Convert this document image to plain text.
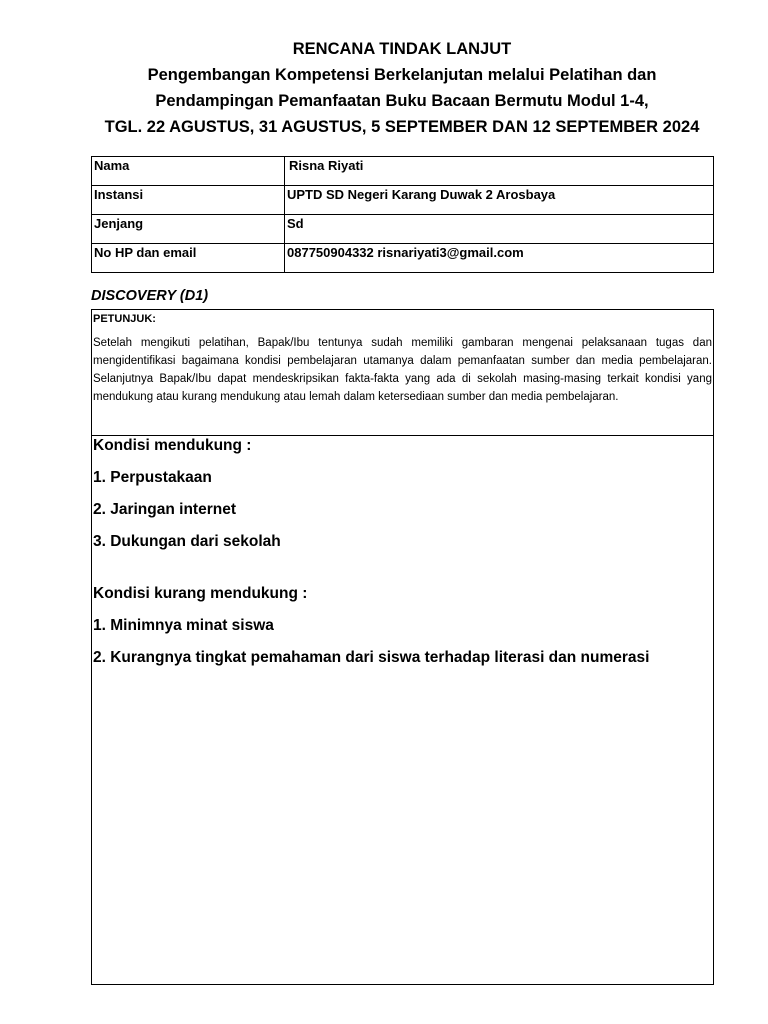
RENCANA TINDAK LANJUT
Pengembangan Kompetensi Berkelanjutan melalui Pelatihan dan
Pendampingan Pemanfaatan Buku Bacaan Bermutu Modul 1-4,
TGL. 22 AGUSTUS, 31 AGUSTUS, 5 SEPTEMBER DAN 12 SEPTEMBER 2024
Nama	Risna Riyati
Instansi	UPTD SD Negeri Karang Duwak 2 Arosbaya
Jenjang	Sd
No HP dan email	087750904332 risnariyati3@gmail.com
DISCOVERY (D1)
PETUNJUK:
Setelah mengikuti pelatihan, Bapak/Ibu tentunya sudah memiliki gambaran mengenai pelaksanaan tugas dan mengidentifikasi bagaimana kondisi pembelajaran utamanya dalam pemanfaatan sumber dan media pembelajaran. Selanjutnya Bapak/Ibu dapat mendeskripsikan fakta-fakta yang ada di sekolah masing-masing terkait kondisi yang mendukung atau kurang mendukung atau lemah dalam ketersediaan sumber dan media pembelajaran.
Kondisi mendukung :
1. Perpustakaan
2. Jaringan internet
3. Dukungan dari sekolah
Kondisi kurang mendukung :
1. Minimnya minat siswa
2. Kurangnya tingkat pemahaman dari siswa terhadap literasi dan numerasi
